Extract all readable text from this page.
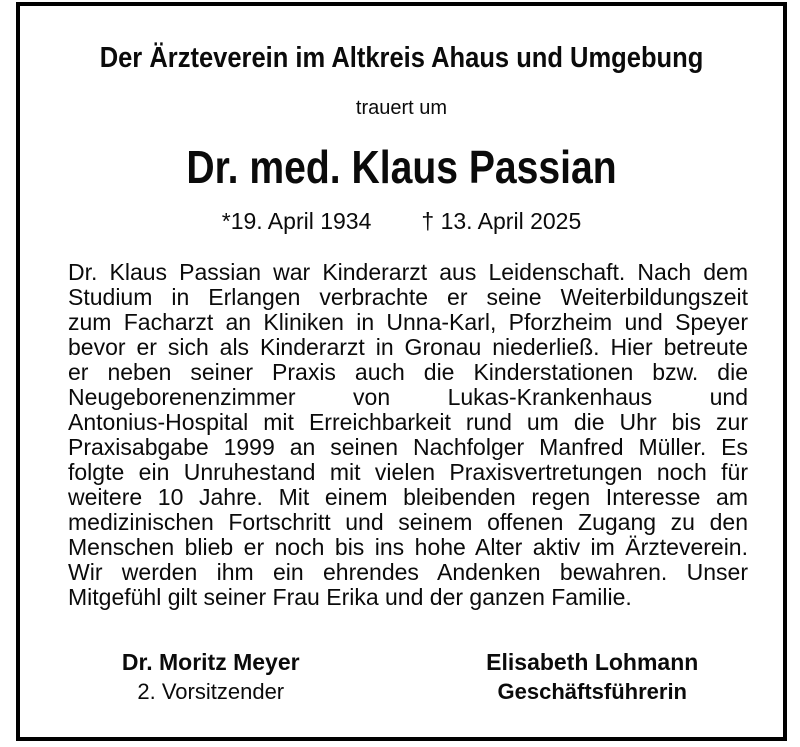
Der Ärzteverein im Altkreis Ahaus und Umgebung
trauert um
Dr. med. Klaus Passian
*19. April 1934 † 13. April 2025
Dr. Klaus Passian war Kinderarzt aus Leidenschaft. Nach dem
Studium in Erlangen verbrachte er seine Weiterbildungszeit
zum Facharzt an Kliniken in Unna-Karl, Pforzheim und Speyer
bevor er sich als Kinderarzt in Gronau niederließ. Hier betreute
er neben seiner Praxis auch die Kinderstationen bzw. die
Neugeborenenzimmer von Lukas-Krankenhaus und
Antonius-Hospital mit Erreichbarkeit rund um die Uhr bis zur
Praxisabgabe 1999 an seinen Nachfolger Manfred Müller. Es
folgte ein Unruhestand mit vielen Praxisvertretungen noch für
weitere 10 Jahre. Mit einem bleibenden regen Interesse am
medizinischen Fortschritt und seinem offenen Zugang zu den
Menschen blieb er noch bis ins hohe Alter aktiv im Ärzteverein.
Wir werden ihm ein ehrendes Andenken bewahren. Unser
Mitgefühl gilt seiner Frau Erika und der ganzen Familie.
Dr. Moritz Meyer
2. Vorsitzender
Elisabeth Lohmann
Geschäftsführerin
